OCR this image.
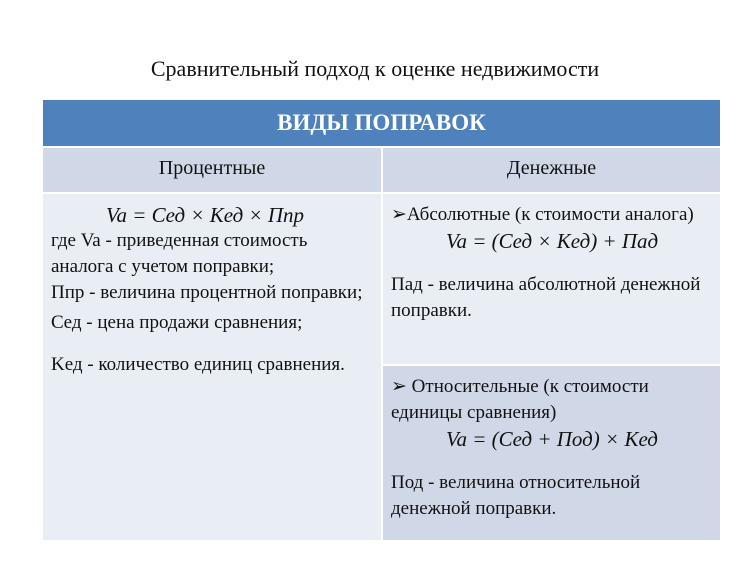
Сравнительный подход к оценке недвижимости
ВИДЫ ПОПРАВОК
Процентные	Денежные

Va = Cед × Kед × Ппр

где Va - приведенная стоимость аналога с учетом поправки;

Ппр - величина процентной поправки;

Cед - цена продажи сравнения;

Kед - количество единиц сравнения.

➢Абсолютные (к стоимости аналога)

Va = (Cед × Kед) + Пад

Пад - величина абсолютной денежной поправки.

➢ Относительные (к стоимости единицы сравнения)

Va = (Cед + Под) × Kед

Под - величина относительной денежной поправки.
